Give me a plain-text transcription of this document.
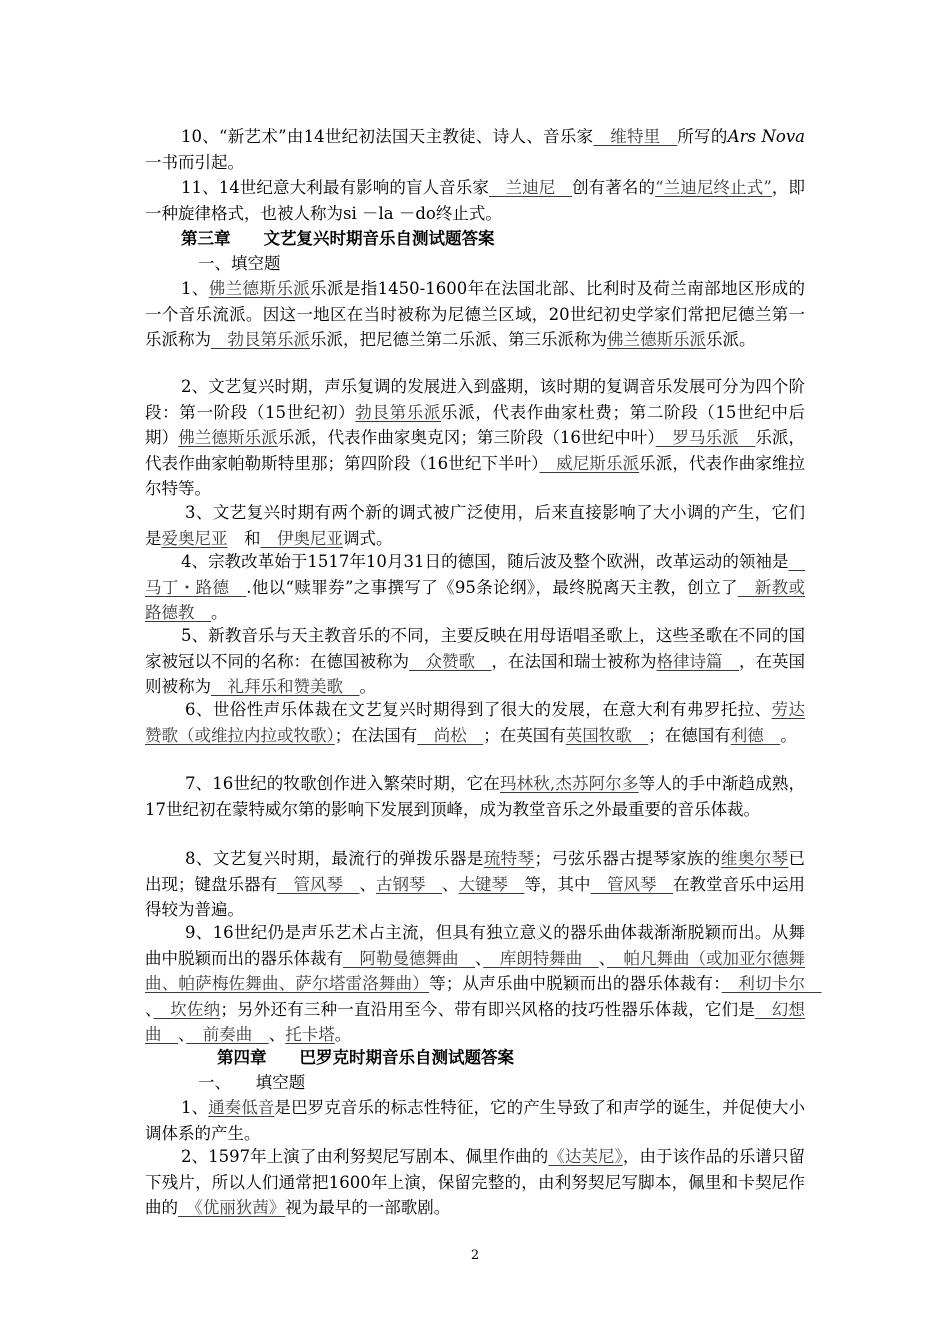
10、“新艺术”由14世纪初法国天主教徒、诗人、音乐家　维特里　所写的Ars Nova一书而引起。

11、14世纪意大利最有影响的盲人音乐家　兰迪尼　创有著名的“兰迪尼终止式”，即一种旋律格式，也被人称为si －la －do终止式。

第三章　　文艺复兴时期音乐自测试题答案

一、填空题

1、佛兰德斯乐派乐派是指1450-1600年在法国北部、比利时及荷兰南部地区形成的一个音乐流派。因这一地区在当时被称为尼德兰区域，20世纪初史学家们常把尼德兰第一乐派称为　勃艮第乐派乐派，把尼德兰第二乐派、第三乐派称为佛兰德斯乐派乐派。

2、文艺复兴时期，声乐复调的发展进入到盛期，该时期的复调音乐发展可分为四个阶段：第一阶段（15世纪初）勃艮第乐派乐派，代表作曲家杜费；第二阶段（15世纪中后期）佛兰德斯乐派乐派，代表作曲家奥克冈；第三阶段（16世纪中叶）　罗马乐派　乐派，代表作曲家帕勒斯特里那；第四阶段（16世纪下半叶）　威尼斯乐派乐派，代表作曲家维拉尔特等。

3、文艺复兴时期有两个新的调式被广泛使用，后来直接影响了大小调的产生，它们是爱奥尼亚　和　伊奥尼亚调式。

4、宗教改革始于1517年10月31日的德国，随后波及整个欧洲，改革运动的领袖是　马丁・路德　.他以“赎罪券”之事撰写了《95条论纲》，最终脱离天主教，创立了　新教或路德教　。

5、新教音乐与天主教音乐的不同，主要反映在用母语唱圣歌上，这些圣歌在不同的国家被冠以不同的名称：在德国被称为　众赞歌　，在法国和瑞士被称为格律诗篇　，在英国则被称为　礼拜乐和赞美歌　。

6、世俗性声乐体裁在文艺复兴时期得到了很大的发展，在意大利有弗罗托拉、劳达赞歌（或维拉内拉或牧歌）；在法国有　尚松　；在英国有英国牧歌　；在德国有利德　。

7、16世纪的牧歌创作进入繁荣时期，它在玛林秋,杰苏阿尔多等人的手中渐趋成熟，17世纪初在蒙特威尔第的影响下发展到顶峰，成为教堂音乐之外最重要的音乐体裁。

8、文艺复兴时期，最流行的弹拨乐器是琉特琴；弓弦乐器古提琴家族的维奥尔琴已出现；键盘乐器有　管风琴　、古钢琴　、大键琴　等，其中　管风琴　在教堂音乐中运用得较为普遍。

9、16世纪仍是声乐艺术占主流，但具有独立意义的器乐曲体裁渐渐脱颖而出。从舞曲中脱颖而出的器乐体裁有　阿勒曼德舞曲　、　库朗特舞曲　、　帕凡舞曲（或加亚尔德舞曲、帕萨梅佐舞曲、萨尔塔雷洛舞曲）等；从声乐曲中脱颖而出的器乐体裁有：　利切卡尔　、　坎佐纳；另外还有三种一直沿用至今、带有即兴风格的技巧性器乐体裁，它们是　幻想曲　、　前奏曲　、托卡塔。

第四章　　巴罗克时期音乐自测试题答案

一、　　填空题

1、通奏低音是巴罗克音乐的标志性特征，它的产生导致了和声学的诞生，并促使大小调体系的产生。

2、1597年上演了由利努契尼写剧本、佩里作曲的《达芙尼》，由于该作品的乐谱只留下残片，所以人们通常把1600年上演，保留完整的，由利努契尼写脚本，佩里和卡契尼作曲的　《优丽狄茜》视为最早的一部歌剧。

2
